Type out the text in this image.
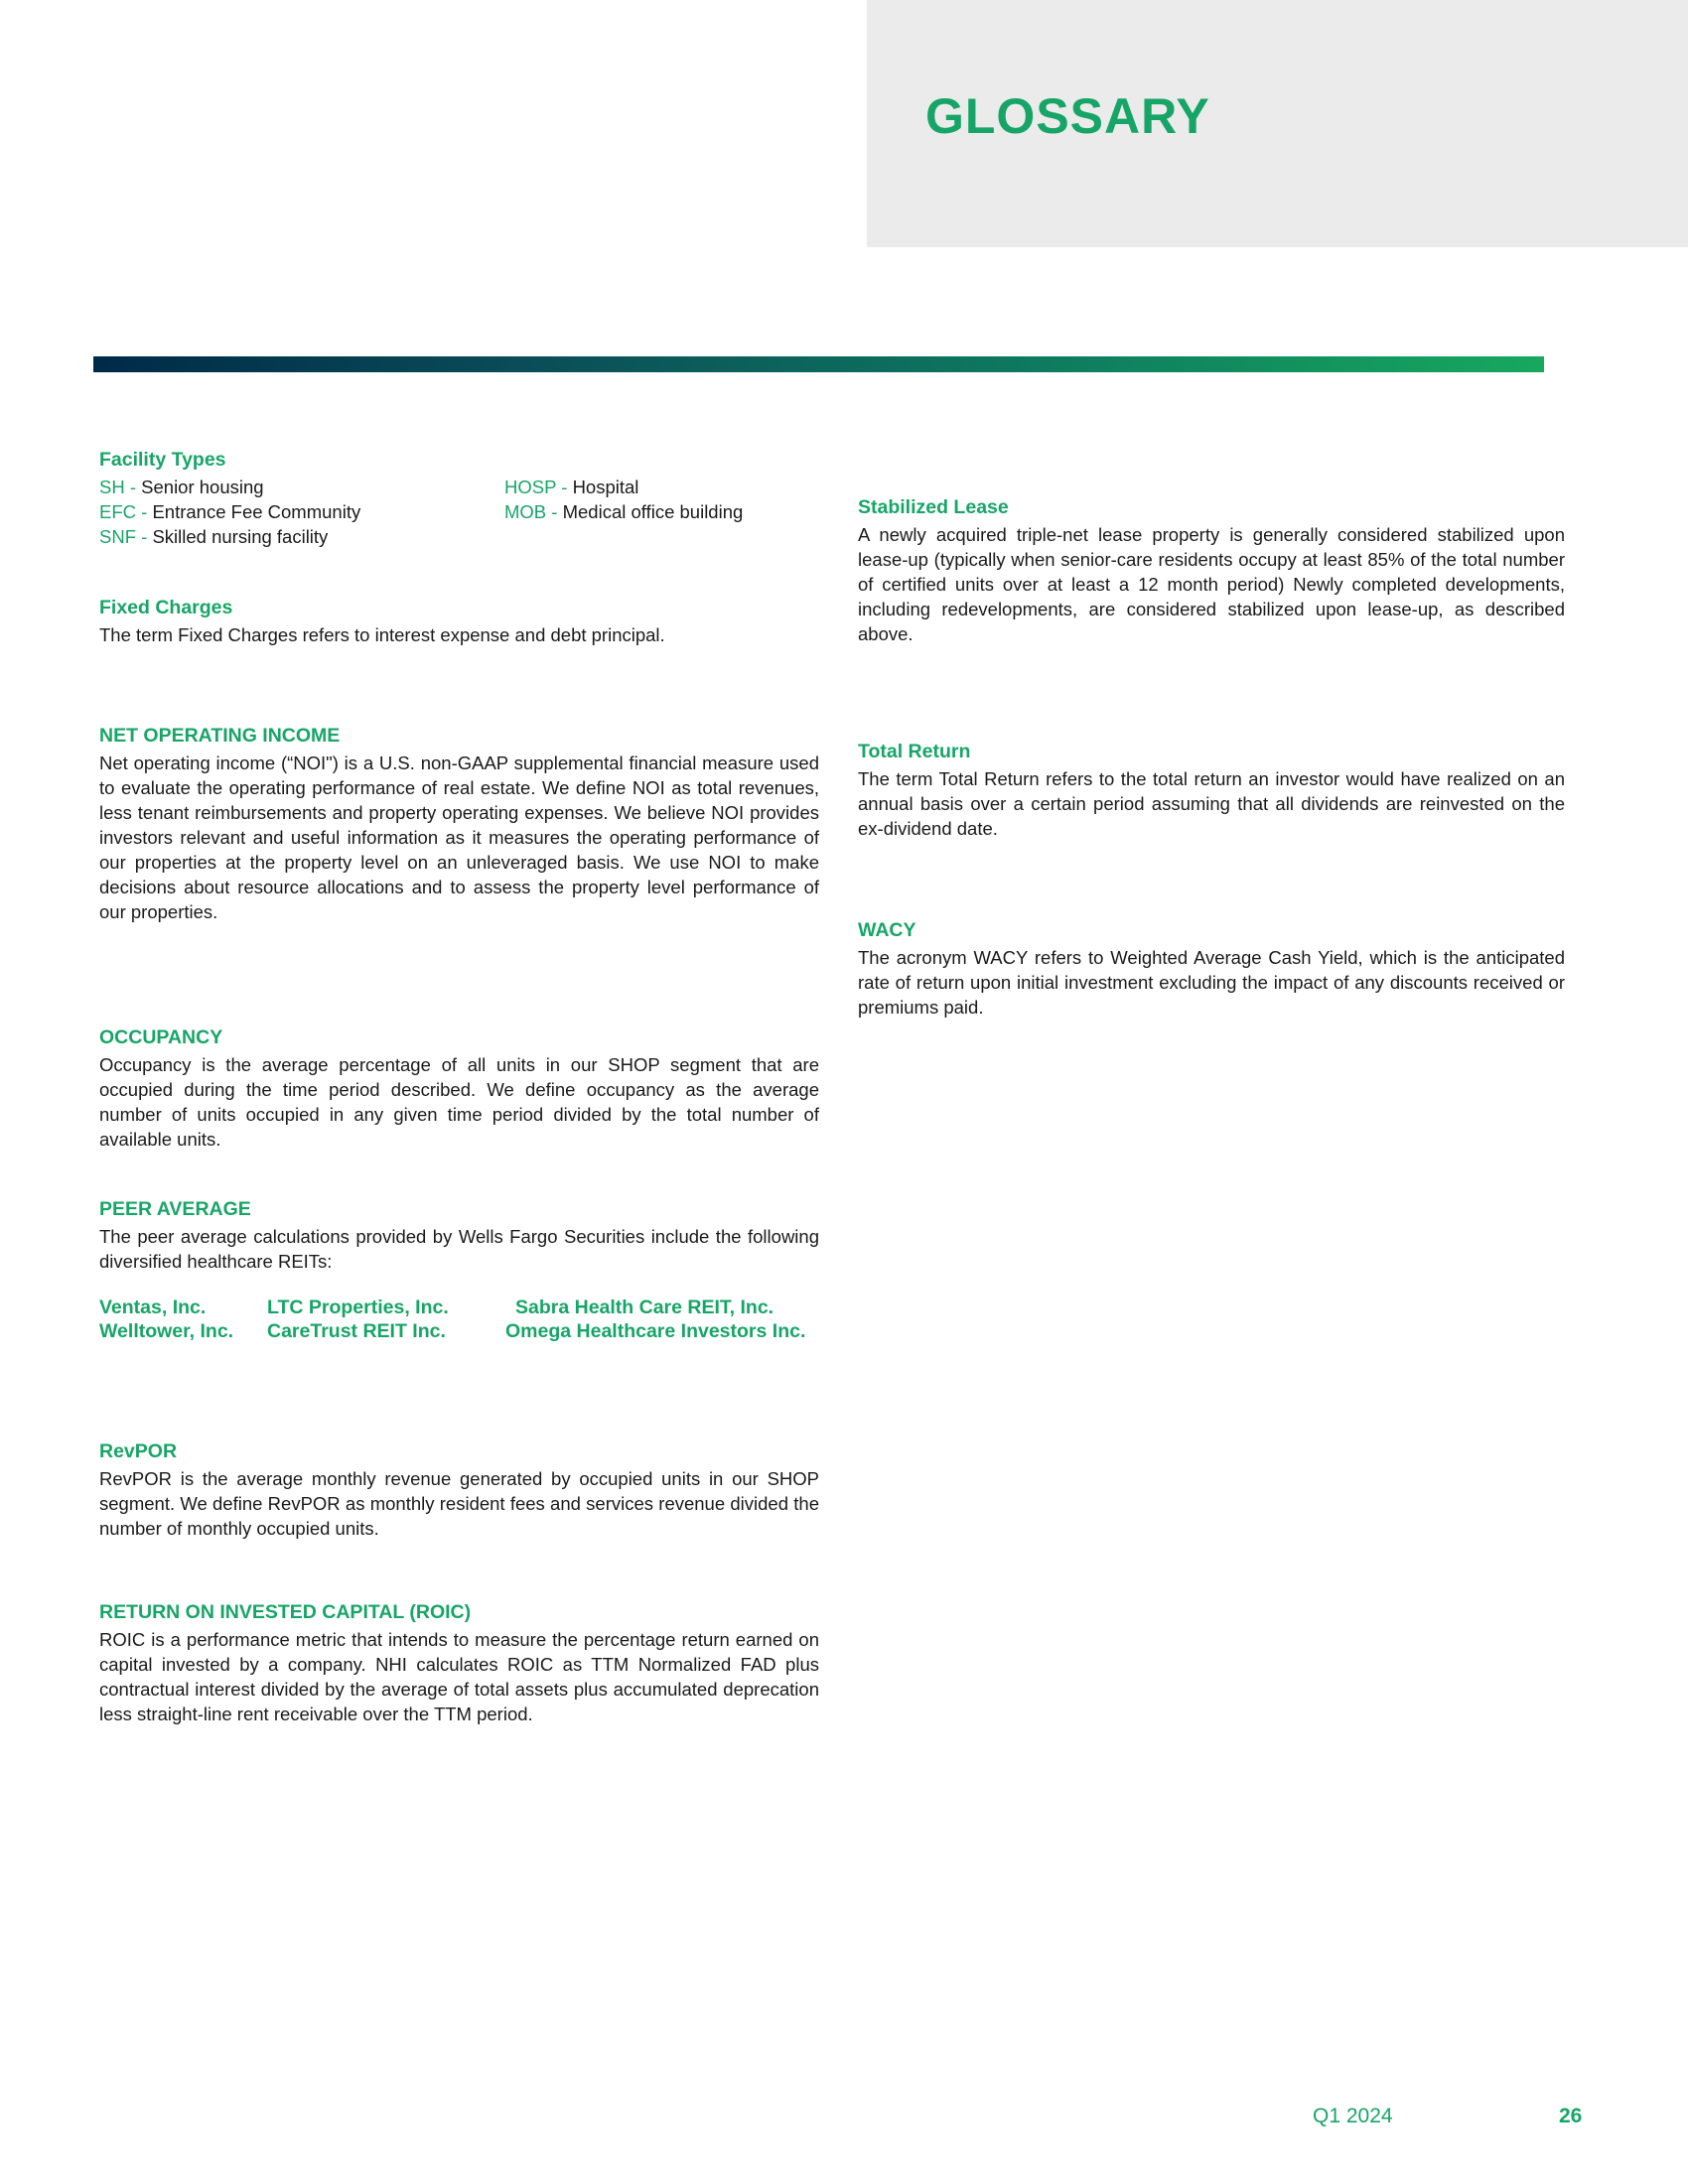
GLOSSARY
Facility Types
SH - Senior housing	HOSP - Hospital
EFC - Entrance Fee Community	MOB - Medical office building
SNF - Skilled nursing facility
Fixed Charges

The term Fixed Charges refers to interest expense and debt principal.

Stabilized Lease

A newly acquired triple-net lease property is generally considered stabilized upon lease-up (typically when senior-care residents occupy at least 85% of the total number of certified units over at least a 12 month period) Newly completed developments, including redevelopments, are considered stabilized upon lease-up, as described above.

NET OPERATING INCOME

Net operating income (“NOI") is a U.S. non-GAAP supplemental financial measure used to evaluate the operating performance of real estate. We define NOI as total revenues, less tenant reimbursements and property operating expenses. We believe NOI provides investors relevant and useful information as it measures the operating performance of our properties at the property level on an unleveraged basis. We use NOI to make decisions about resource allocations and to assess the property level performance of our properties.

Total Return

The term Total Return refers to the total return an investor would have realized on an annual basis over a certain period assuming that all dividends are reinvested on the ex-dividend date.

WACY

The acronym WACY refers to Weighted Average Cash Yield, which is the anticipated rate of return upon initial investment excluding the impact of any discounts received or premiums paid.

OCCUPANCY

Occupancy is the average percentage of all units in our SHOP segment that are occupied during the time period described. We define occupancy as the average number of units occupied in any given time period divided by the total number of available units.

PEER AVERAGE

The peer average calculations provided by Wells Fargo Securities include the following diversified healthcare REITs:

Ventas, Inc.	LTC Properties, Inc.	Sabra Health Care REIT, Inc.
Welltower, Inc.	CareTrust REIT Inc.	Omega Healthcare Investors Inc.
RevPOR

RevPOR is the average monthly revenue generated by occupied units in our SHOP segment. We define RevPOR as monthly resident fees and services revenue divided the number of monthly occupied units.

RETURN ON INVESTED CAPITAL (ROIC)

ROIC is a performance metric that intends to measure the percentage return earned on capital invested by a company. NHI calculates ROIC as TTM Normalized FAD plus contractual interest divided by the average of total assets plus accumulated deprecation less straight-line rent receivable over the TTM period.

Q1 2024	26
